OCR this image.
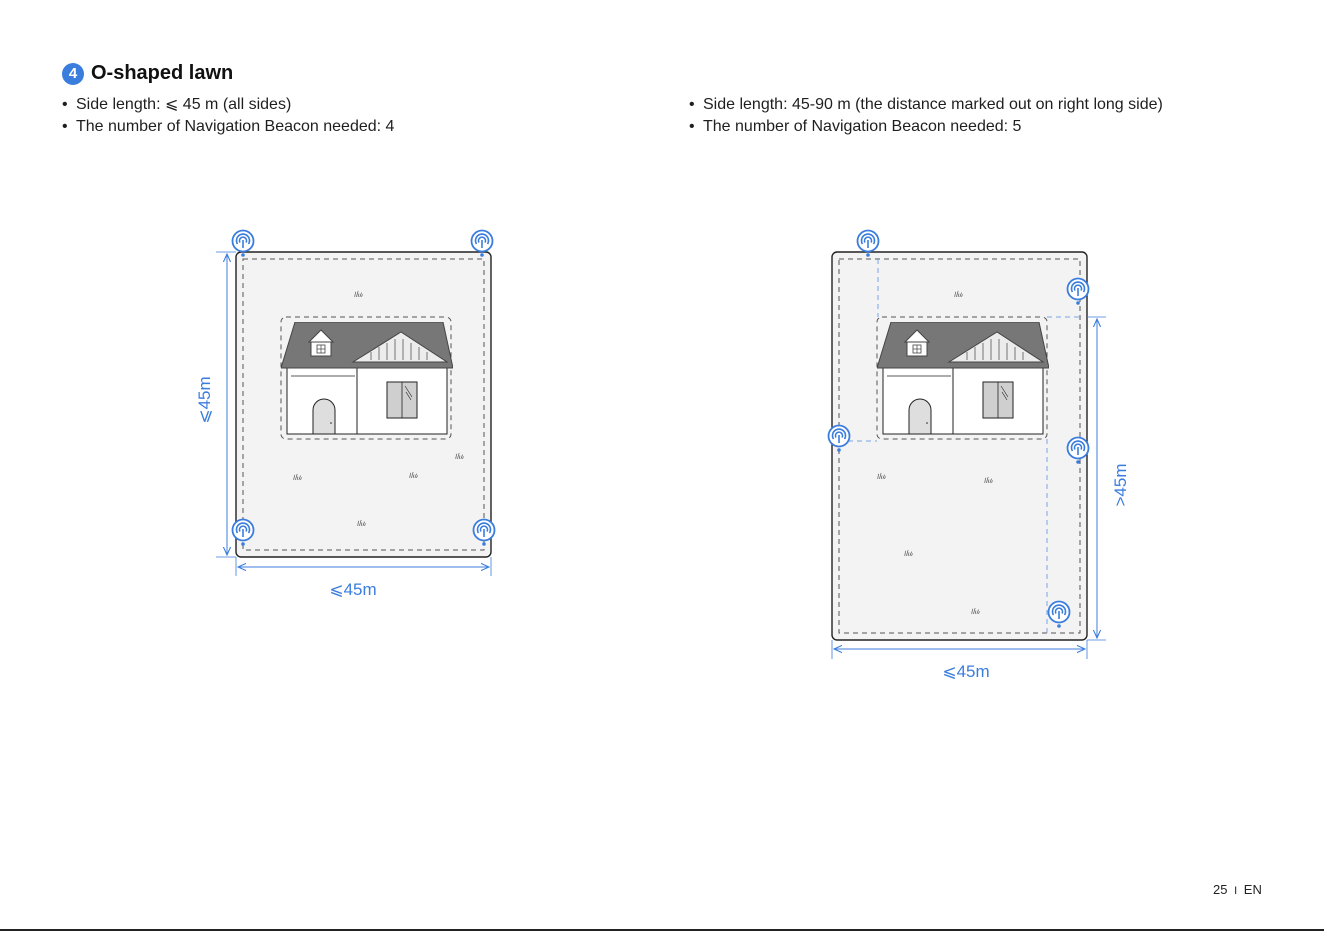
4 O-shaped lawn
• Side length: ⩽ 45 m (all sides)
• The number of Navigation Beacon needed: 4
• Side length: 45-90 m (the distance marked out on right long side)
• The number of Navigation Beacon needed: 5
⩽45m
⩽45m
>45m
⩽45m
25 I EN
